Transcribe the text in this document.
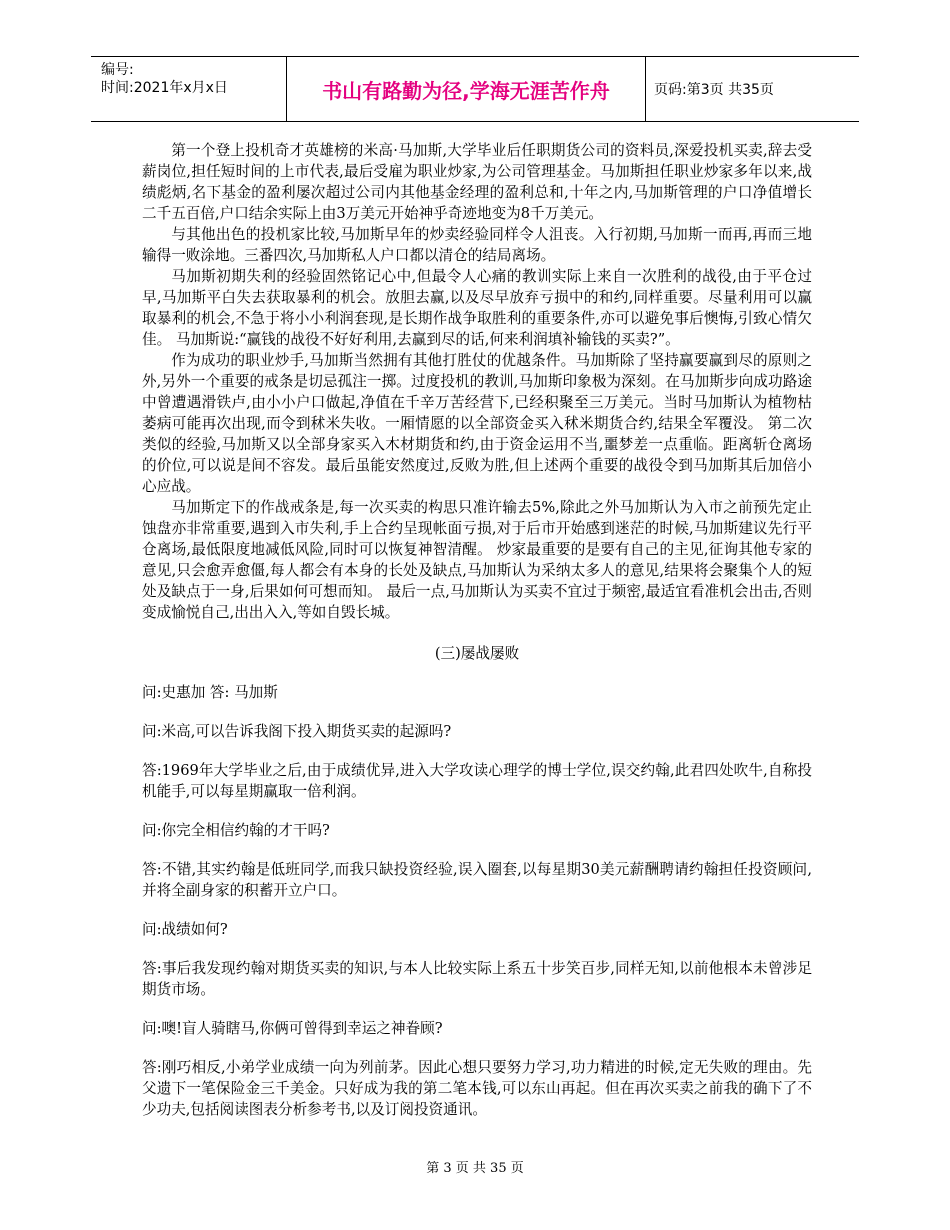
编号:
时间:2021年x月x日	书山有路勤为径,学海无涯苦作舟	页码:第3页 共35页

第一个登上投机奇才英雄榜的米高·马加斯,大学毕业后任职期货公司的资料员,深爱投机买卖,辞去受薪岗位,担任短时间的上市代表,最后受雇为职业炒家,为公司管理基金。马加斯担任职业炒家多年以来,战绩彪炳,名下基金的盈利屡次超过公司内其他基金经理的盈利总和,十年之内,马加斯管理的户口净值增长二千五百倍,户口结余实际上由3万美元开始神乎奇迹地变为8千万美元。

与其他出色的投机家比较,马加斯早年的炒卖经验同样令人沮丧。入行初期,马加斯一而再,再而三地输得一败涂地。三番四次,马加斯私人户口都以清仓的结局离场。

马加斯初期失利的经验固然铭记心中,但最令人心痛的教训实际上来自一次胜利的战役,由于平仓过早,马加斯平白失去获取暴利的机会。放胆去赢,以及尽早放弃亏损中的和约,同样重要。尽量利用可以赢取暴利的机会,不急于将小小利润套现,是长期作战争取胜利的重要条件,亦可以避免事后懊悔,引致心情欠佳。 马加斯说:“赢钱的战役不好好利用,去赢到尽的话,何来利润填补输钱的买卖?”。

作为成功的职业炒手,马加斯当然拥有其他打胜仗的优越条件。马加斯除了坚持赢要赢到尽的原则之外,另外一个重要的戒条是切忌孤注一掷。过度投机的教训,马加斯印象极为深刻。在马加斯步向成功路途中曾遭遇滑铁卢,由小小户口做起,净值在千辛万苦经营下,已经积聚至三万美元。当时马加斯认为植物枯萎病可能再次出现,而令到秫米失收。一厢情愿的以全部资金买入秫米期货合约,结果全军覆没。 第二次类似的经验,马加斯又以全部身家买入木材期货和约,由于资金运用不当,噩梦差一点重临。距离斩仓离场的价位,可以说是间不容发。最后虽能安然度过,反败为胜,但上述两个重要的战役令到马加斯其后加倍小心应战。

马加斯定下的作战戒条是,每一次买卖的构思只准许输去5%,除此之外马加斯认为入市之前预先定止蚀盘亦非常重要,遇到入市失利,手上合约呈现帐面亏损,对于后市开始感到迷茫的时候,马加斯建议先行平仓离场,最低限度地减低风险,同时可以恢复神智清醒。 炒家最重要的是要有自己的主见,征询其他专家的意见,只会愈弄愈僵,每人都会有本身的长处及缺点,马加斯认为采纳太多人的意见,结果将会聚集个人的短处及缺点于一身,后果如何可想而知。 最后一点,马加斯认为买卖不宜过于频密,最适宜看准机会出击,否则变成愉悦自己,出出入入,等如自毁长城。

(三)屡战屡败

问:史惠加 答: 马加斯

问:米高,可以告诉我阁下投入期货买卖的起源吗?

答:1969年大学毕业之后,由于成绩优异,进入大学攻读心理学的博士学位,误交约翰,此君四处吹牛,自称投机能手,可以每星期赢取一倍利润。

问:你完全相信约翰的才干吗?

答:不错,其实约翰是低班同学,而我只缺投资经验,误入圈套,以每星期30美元薪酬聘请约翰担任投资顾问,并将全副身家的积蓄开立户口。

问:战绩如何?

答:事后我发现约翰对期货买卖的知识,与本人比较实际上系五十步笑百步,同样无知,以前他根本未曾涉足期货市场。

问:噢!盲人骑瞎马,你俩可曾得到幸运之神眷顾?

答:刚巧相反,小弟学业成绩一向为列前茅。因此心想只要努力学习,功力精进的时候,定无失败的理由。先父遗下一笔保险金三千美金。只好成为我的第二笔本钱,可以东山再起。但在再次买卖之前我的确下了不少功夫,包括阅读图表分析参考书,以及订阅投资通讯。

第 3 页 共 35 页
